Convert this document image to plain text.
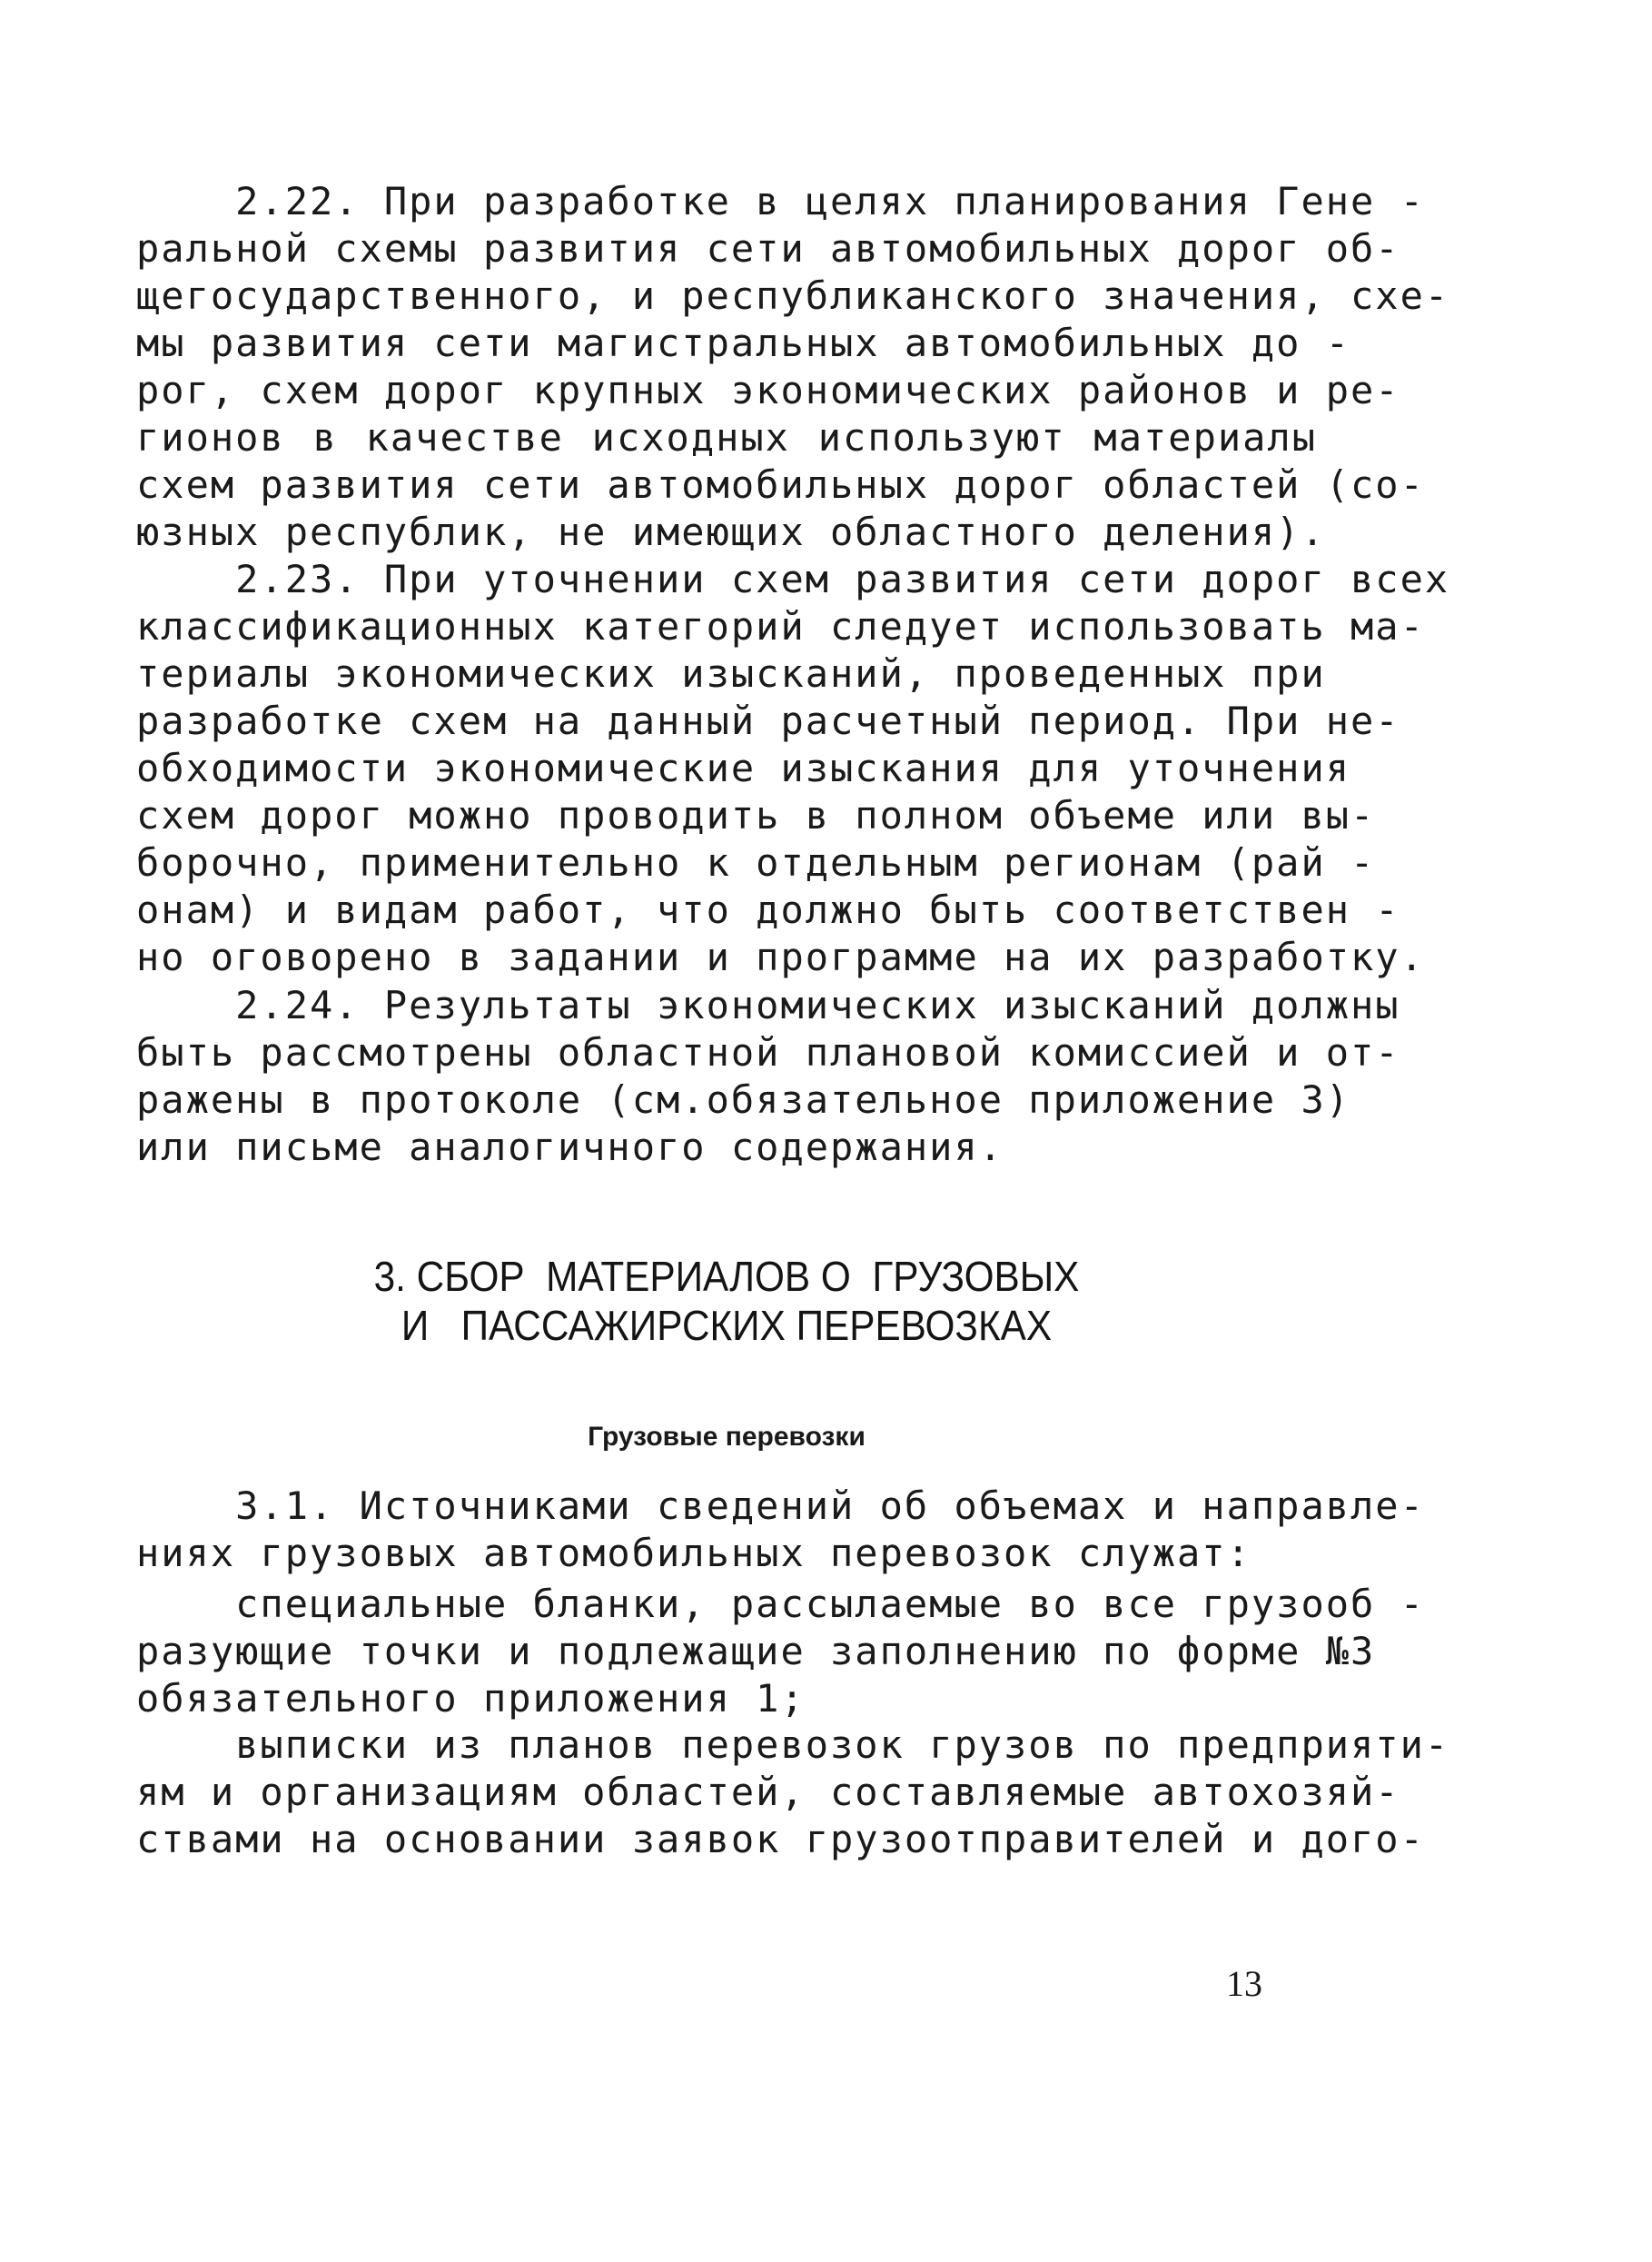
2.22. При разработке в целях планирования Гене -
ральной схемы развития сети автомобильных дорог об-
щегосударственного, и республиканского значения, схе-
мы развития сети магистральных автомобильных до -
рог, схем дорог крупных экономических районов и ре-
гионов в качестве исходных используют материалы
схем развития сети автомобильных дорог областей (со-
юзных республик, не имеющих областного деления).
2.23. При уточнении схем развития сети дорог всех
классификационных категорий следует использовать ма-
териалы экономических изысканий, проведенных при
разработке схем на данный расчетный период. При не-
обходимости экономические изыскания для уточнения
схем дорог можно проводить в полном объеме или вы-
борочно, применительно к отдельным регионам (рай -
онам) и видам работ, что должно быть соответствен -
но оговорено в задании и программе на их разработку.
2.24. Результаты экономических изысканий должны
быть рассмотрены областной плановой комиссией и от-
ражены в протоколе (см.обязательное приложение 3)
или письме аналогичного содержания.
3. СБОР  МАТЕРИАЛОВ О  ГРУЗОВЫХ
И   ПАССАЖИРСКИХ ПЕРЕВОЗКАХ
Грузовые перевозки
3.1. Источниками сведений об объемах и направле-
ниях грузовых автомобильных перевозок служат:
специальные бланки, рассылаемые во все грузооб -
разующие точки и подлежащие заполнению по форме №3
обязательного приложения 1;
выписки из планов перевозок грузов по предприяти-
ям и организациям областей, составляемые автохозяй-
ствами на основании заявок грузоотправителей и дого-
13
